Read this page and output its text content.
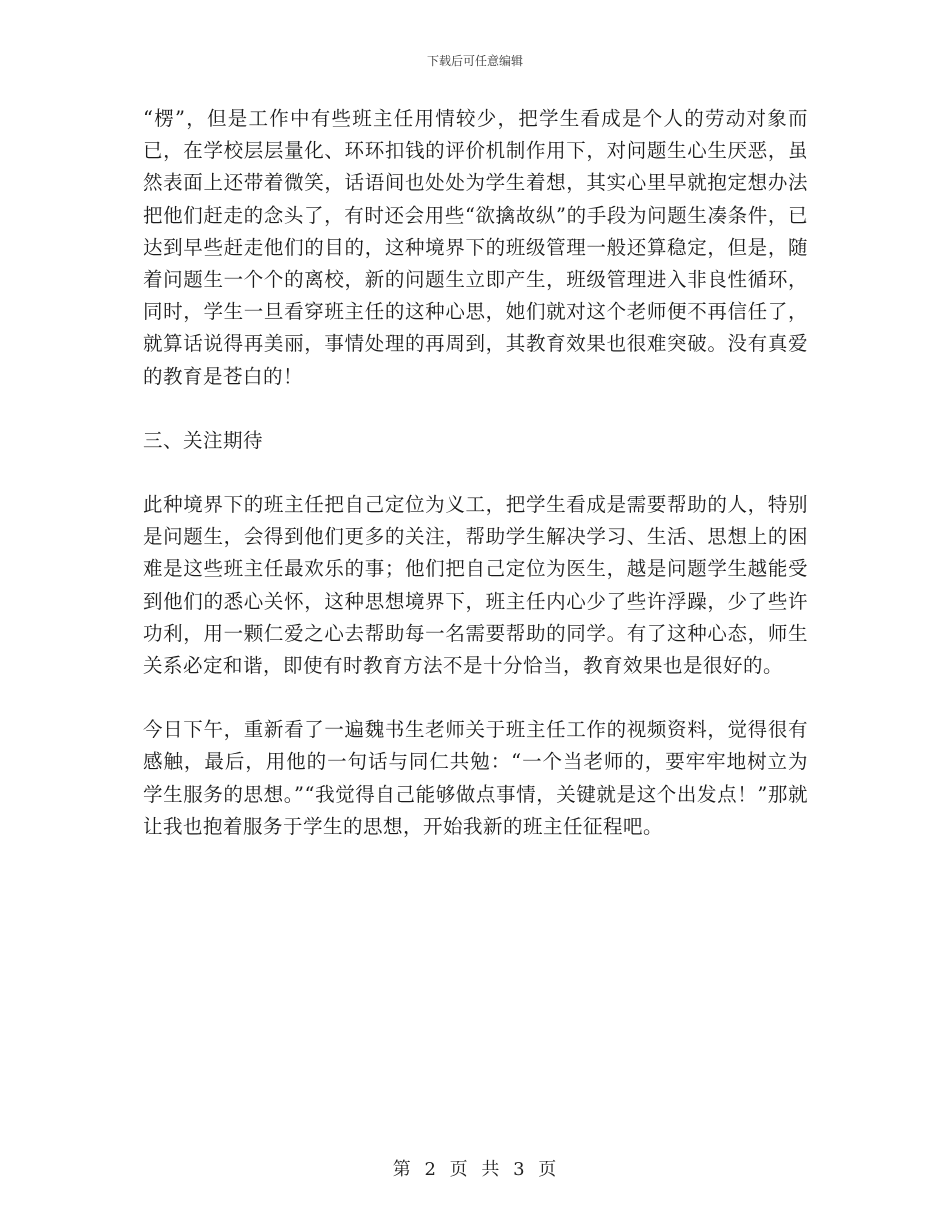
下载后可任意编辑

“楞”，但是工作中有些班主任用情较少，把学生看成是个人的劳动对象而已，在学校层层量化、环环扣钱的评价机制作用下，对问题生心生厌恶，虽然表面上还带着微笑，话语间也处处为学生着想，其实心里早就抱定想办法把他们赶走的念头了，有时还会用些“欲擒故纵”的手段为问题生凑条件，已达到早些赶走他们的目的，这种境界下的班级管理一般还算稳定，但是，随着问题生一个个的离校，新的问题生立即产生，班级管理进入非良性循环，同时，学生一旦看穿班主任的这种心思，她们就对这个老师便不再信任了，就算话说得再美丽，事情处理的再周到，其教育效果也很难突破。没有真爱的教育是苍白的！

三、关注期待

此种境界下的班主任把自己定位为义工，把学生看成是需要帮助的人，特别是问题生，会得到他们更多的关注，帮助学生解决学习、生活、思想上的困难是这些班主任最欢乐的事；他们把自己定位为医生，越是问题学生越能受到他们的悉心关怀，这种思想境界下，班主任内心少了些许浮躁，少了些许功利，用一颗仁爱之心去帮助每一名需要帮助的同学。有了这种心态，师生关系必定和谐，即使有时教育方法不是十分恰当，教育效果也是很好的。

今日下午，重新看了一遍魏书生老师关于班主任工作的视频资料，觉得很有感触，最后，用他的一句话与同仁共勉：“一个当老师的，要牢牢地树立为学生服务的思想。”“我觉得自己能够做点事情，关键就是这个出发点！”那就让我也抱着服务于学生的思想，开始我新的班主任征程吧。

第 2 页 共 3 页
